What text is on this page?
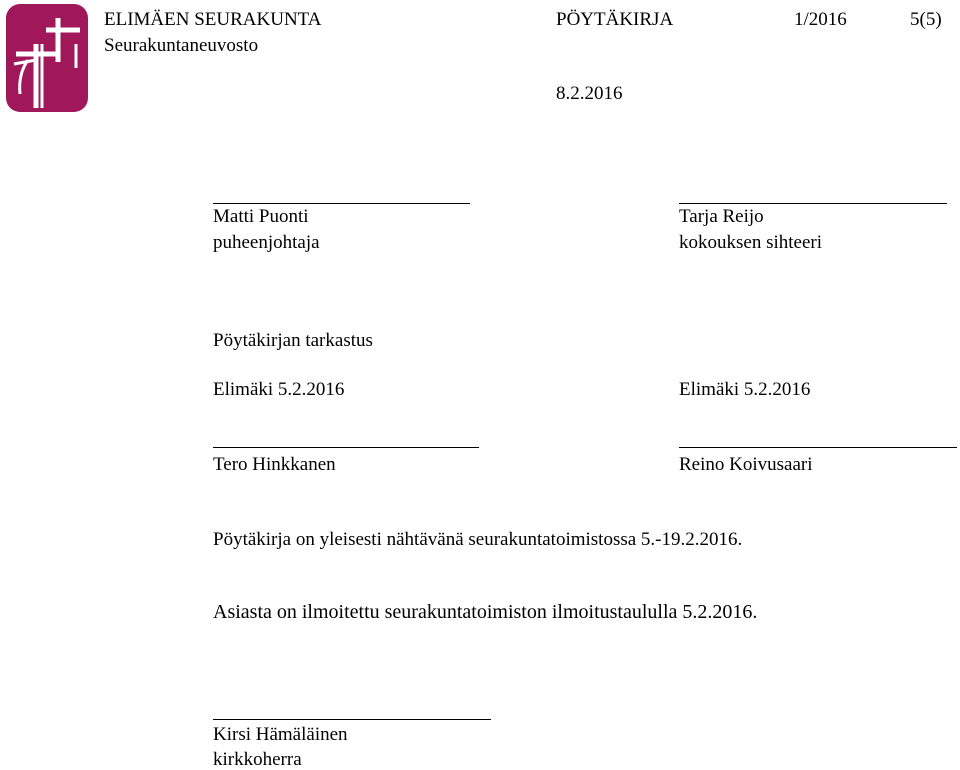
ELIMÄEN SEURAKUNTA
Seurakuntaneuvosto
PÖYTÄKIRJA	1/2016	5(5)
8.2.2016
Matti Puonti
puheenjohtaja
Tarja Reijo
kokouksen sihteeri
Pöytäkirjan tarkastus
Elimäki 5.2.2016	Elimäki 5.2.2016
Tero Hinkkanen	Reino Koivusaari
Pöytäkirja on yleisesti nähtävänä seurakuntatoimistossa 5.-19.2.2016.
Asiasta on ilmoitettu seurakuntatoimiston ilmoitustaululla 5.2.2016.
Kirsi Hämäläinen
kirkkoherra
